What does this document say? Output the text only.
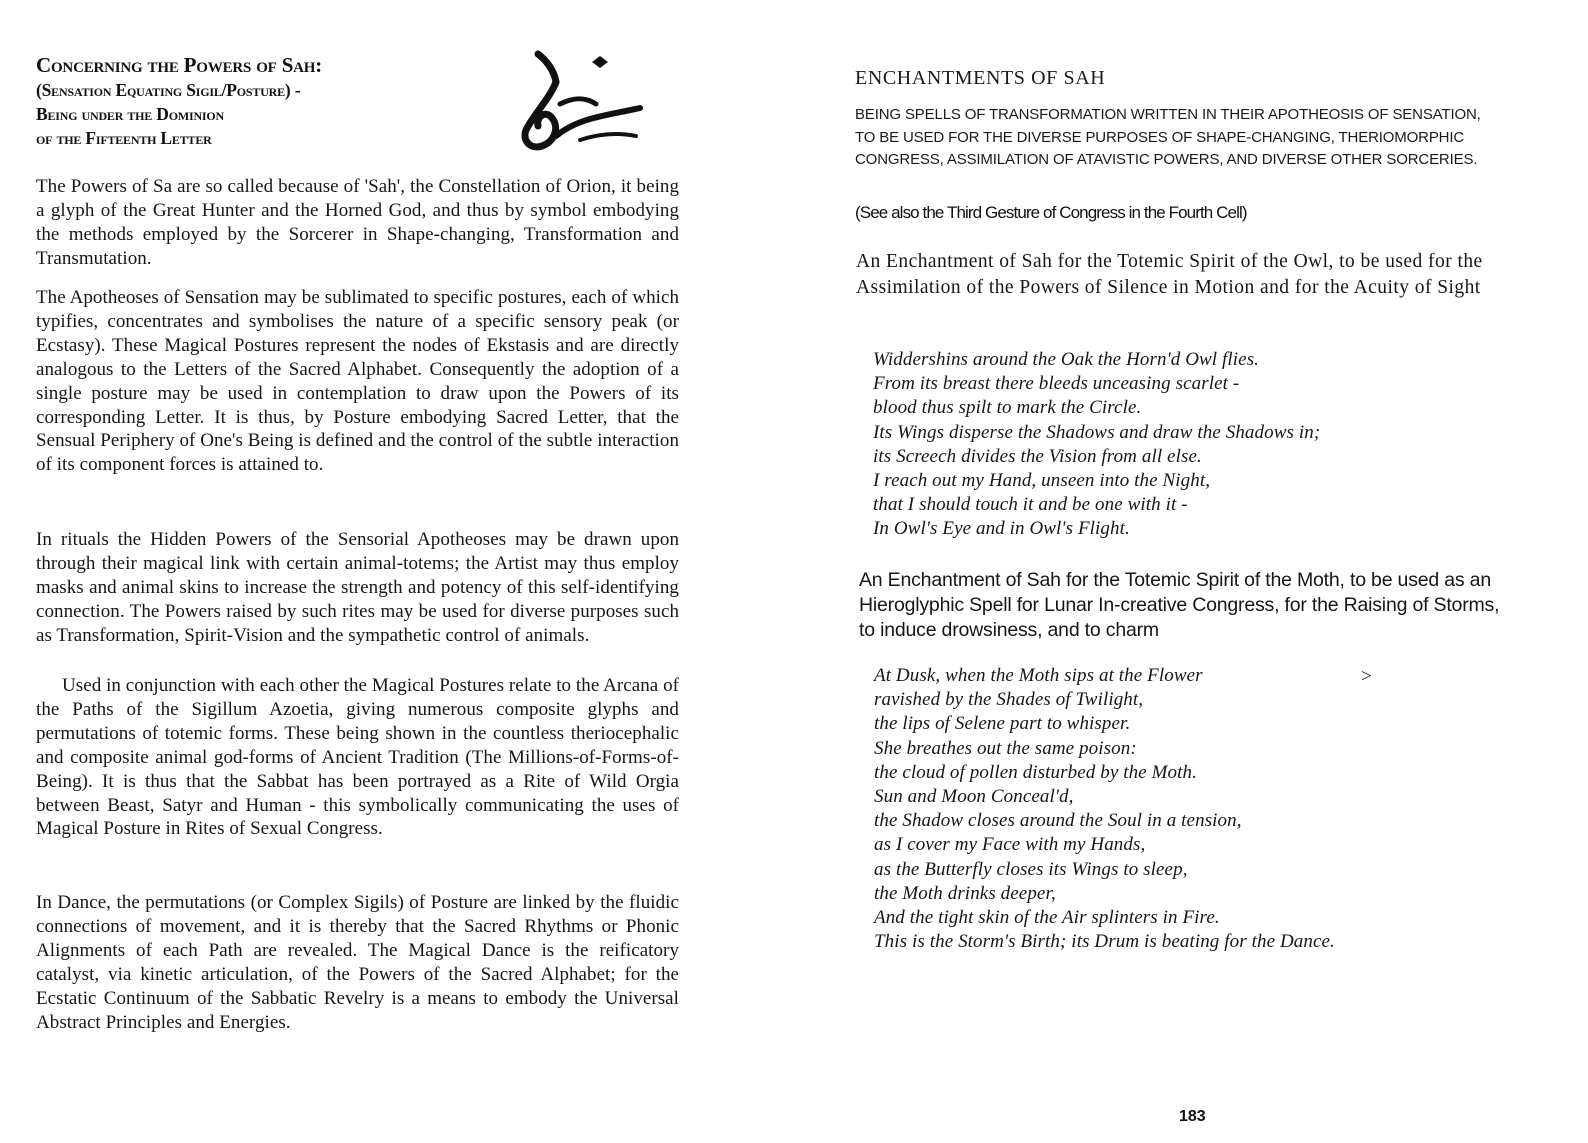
Concerning the Powers of Sah:
(Sensation Equating Sigil/Posture) -
Being under the Dominion
of the Fifteenth Letter

The Powers of Sa are so called because of 'Sah', the Constellation of Orion, it being a glyph of the Great Hunter and the Horned God, and thus by symbol embodying the methods employed by the Sorcerer in Shape-changing, Transformation and Transmutation.

The Apotheoses of Sensation may be sublimated to specific postures, each of which typifies, concentrates and symbolises the nature of a specific sensory peak (or Ecstasy). These Magical Postures represent the nodes of Ekstasis and are directly analogous to the Letters of the Sacred Alphabet. Consequently the adoption of a single posture may be used in contemplation to draw upon the Powers of its corresponding Letter. It is thus, by Posture embodying Sacred Letter, that the Sensual Periphery of One's Being is defined and the control of the subtle interaction of its component forces is attained to.

In rituals the Hidden Powers of the Sensorial Apotheoses may be drawn upon through their magical link with certain animal-totems; the Artist may thus employ masks and animal skins to increase the strength and potency of this self-identifying connection. The Powers raised by such rites may be used for diverse purposes such as Transformation, Spirit-Vision and the sympathetic control of animals.

Used in conjunction with each other the Magical Postures relate to the Arcana of the Paths of the Sigillum Azoetia, giving numerous composite glyphs and permutations of totemic forms. These being shown in the countless theriocephalic and composite animal god-forms of Ancient Tradition (The Millions-of-Forms-of-Being). It is thus that the Sabbat has been portrayed as a Rite of Wild Orgia between Beast, Satyr and Human - this symbolically communicating the uses of Magical Posture in Rites of Sexual Congress.

In Dance, the permutations (or Complex Sigils) of Posture are linked by the fluidic connections of movement, and it is thereby that the Sacred Rhythms or Phonic Alignments of each Path are revealed. The Magical Dance is the reificatory catalyst, via kinetic articulation, of the Powers of the Sacred Alphabet; for the Ecstatic Continuum of the Sabbatic Revelry is a means to embody the Universal Abstract Principles and Energies.

ENCHANTMENTS OF SAH

BEING SPELLS OF TRANSFORMATION WRITTEN IN THEIR APOTHEOSIS OF SENSATION, TO BE USED FOR THE DIVERSE PURPOSES OF SHAPE-CHANGING, THERIOMORPHIC CONGRESS, ASSIMILATION OF ATAVISTIC POWERS, AND DIVERSE OTHER SORCERIES.

(See also the Third Gesture of Congress in the Fourth Cell)

An Enchantment of Sah for the Totemic Spirit of the Owl, to be used for the Assimilation of the Powers of Silence in Motion and for the Acuity of Sight

Widdershins around the Oak the Horn'd Owl flies.
From its breast there bleeds unceasing scarlet -
blood thus spilt to mark the Circle.
Its Wings disperse the Shadows and draw the Shadows in;
its Screech divides the Vision from all else.
I reach out my Hand, unseen into the Night,
that I should touch it and be one with it -
In Owl's Eye and in Owl's Flight.

An Enchantment of Sah for the Totemic Spirit of the Moth, to be used as an Hieroglyphic Spell for Lunar In-creative Congress, for the Raising of Storms, to induce drowsiness, and to charm

>
At Dusk, when the Moth sips at the Flower
ravished by the Shades of Twilight,
the lips of Selene part to whisper.
She breathes out the same poison:
the cloud of pollen disturbed by the Moth.
Sun and Moon Conceal'd,
the Shadow closes around the Soul in a tension,
as I cover my Face with my Hands,
as the Butterfly closes its Wings to sleep,
the Moth drinks deeper,
And the tight skin of the Air splinters in Fire.
This is the Storm's Birth; its Drum is beating for the Dance.
183
